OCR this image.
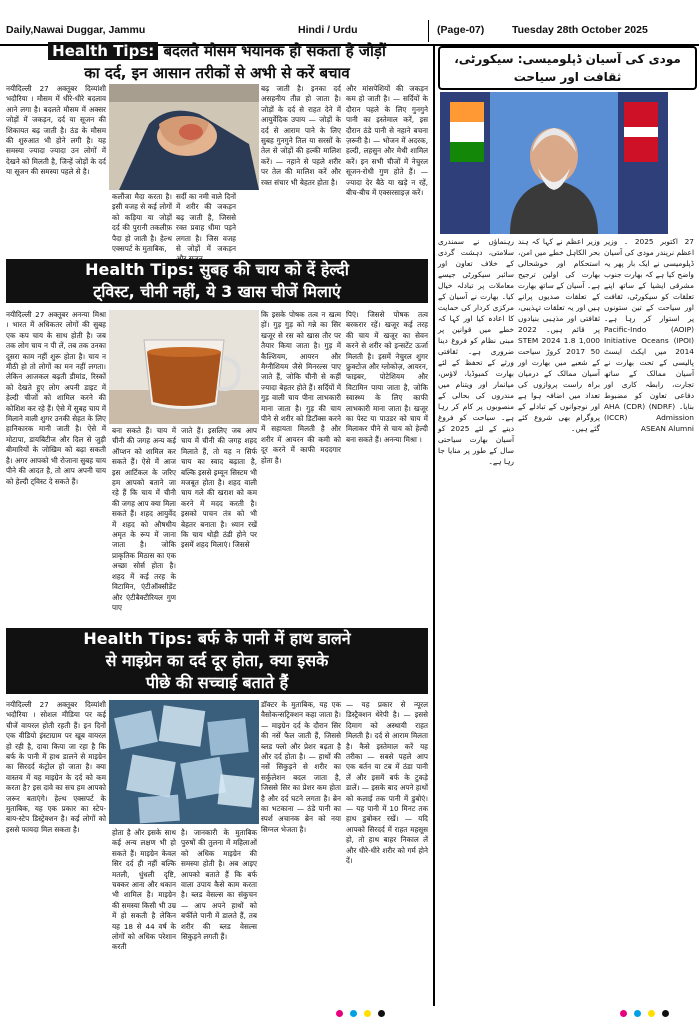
Daily,Nawai Duggar, Jammu	Hindi / Urdu	(Page-07)	Tuesday 28th October 2025
Health Tips: बदलते मौसम भयानक हो सकता है जोड़ों
का दर्द, इन आसान तरीकों से अभी से करें बचाव
नयीदिल्ली 27 अक्तूबर दिव्यांशी भदौरिया । मौसम में धीरे-धीरे बदलाव आने लगा है। बदलते मौसम में अक्सर जोड़ों में जकड़न, दर्द या सूजन की शिकायत बढ़ जाती है। ठंड के मौसम की शुरुआत भी होने लगी है। यह समस्या ज्यादा ज्यादा उन लोगों में देखने को मिलती है, जिन्हें जोड़ों के दर्द या सूजन की समस्या पहले से है।
कलौंजा मैदा करता है। इसी वजह से कई लोगों को कड़िया या जोड़ों दर्द की पुरानी तकलीफ़ पैदा हो जाती है। हेल्थ एक्सपर्ट के मुताबिक,
सर्दी का नमी वाले दिनों में शरीर की जकड़न बढ़ जाती है, जिससे रक्त प्रवाह धीमा पड़ने लगता है। जिस वजह से जोड़ों में जकड़न
बढ़ जाती है। इनका दर्द असहनीय तीव्र हो जाता है। जोड़ों के दर्द से राहत देने में आयुर्वेदिक उपाय — जोड़ों के दर्द से आराम पाने के लिए सुबह गुनगुने तिल या सरसों के तेल से जोड़ों की हल्की मालिश करें। — नहाने से पहले शरीर पर तेल की मालिश करें और रक्त संचार भी बेहतर होता है।
और मांसपेशियों की जकड़न कम हो जाती है। — सर्दियों के दौरान पहले के लिए गुनगुने पानी का इस्तेमाल करें, इस दौरान ठंडे पानी से नहाने बचना ज़रूरी है। — भोजन में अदरक, हल्दी, लहसुन और मेथी शामिल करें। इन सभी चीजों में नेचुरल सूजन-रोधी गुण होते हैं। — ज्यादा देर बैठे या खड़े न रहें, बीच-बीच में एक्सरसाइज़ करें।
Health Tips: सुबह की चाय को दें हेल्दी
ट्विस्ट, चीनी नहीं, ये 3 खास चीजें मिलाएं
नयीदिल्ली 27 अक्तूबर अनन्या मिश्रा । भारत में अधिकतर लोगों की सुबह एक कप चाय के साथ होती है। जब तक लोग चाय न पी लें, तब तक उनका दूसरा काम नहीं शुरू होता है। चाय न मीठी हो तो लोगों का मन नहीं लगता। लेकिन आजकल बढ़ती डीमांड, रिस्कों को देखते हुए लोग अपनी डाइट में हेल्दी चीजों को शामिल करने की कोशिश कर रहे हैं। ऐसे में सुबह चाय में मिलाने वाली शुगर उनकी सेहत के लिए हानिकारक मानी जाती है। ऐसे में मोटापा, डायबिटीज और दिल से जुड़ी बीमारियों के जोखिम को बढ़ा सकती है। अगर आपको भी रोजाना सुबह चाय पीने की आदत है, तो आप अपनी चाय को हेल्दी ट्विस्ट दे सकते हैं।
बना सकते हैं। चाय में चीनी की जगह अन्य कई ऑप्शन को शामिल कर सकते हैं। ऐसे में आज इस आर्टिकल के जरिए हम आपको बताने जा रहे हैं कि चाय में चीनी की जगह आप क्या मिला सकते हैं। शहद आयुर्वेद में शहद को औषधीय अमृत के रूप में जाना जाता है। जोकि प्राकृतिक मिठास का एक अच्छा सोर्स होता है। शहद में कई तरह के विटामिन, एंटीऑक्सीडेंट और एंटीबैक्टीरियल गुण पाए
जाते हैं। इसलिए जब आप चाय में चीनी की जगह शहद मिलाते हैं, तो यह न सिर्फ चाय का स्वाद बढ़ाता है, बल्कि इससे इम्यून सिस्टम भी मजबूत होता है। शहद वाली चाय गले की खराश को कम करने में मदद करती है। इसको पाचन तंत्र को भी बेहतर बनाता है। ध्यान रखें कि चाय थोड़ी ठंडी होने पर इसमें शहद मिलाएं। जिससे
कि इसके पोषक तत्व न खत्म हों। गुड़ गुड़ को गन्ने का सिर खजूर से रस को खास तौर पर तैयार किया जाता है। गुड़ में कैल्शियम, आयरन और मैग्नीशियम जैसे मिनरल्स पाए जाते हैं, जोकि चीनी से कहीं ज्यादा बेहतर होते हैं। सर्दियों में गुड़ वाली चाय पीना लाभकारी माना जाता है। गुड़ की चाय पीने से शरीर को डिटॉक्स करने में सहायता मिलती है और शरीर में आयरन की कमी को दूर करने में काफी मददगार होता है।
पिएं। जिससे पोषक तत्व बरकरार रहें। खजूर कई तरह की चाय में खजूर का सेवन करने से शरीर को इन्सटेंट ऊर्जा मिलती है। इसमें नेचुरल शुगर फ्रुक्टोज और ग्लोकोज़, आयरन, फाइबर, पोटेशियम और विटामिन पाया जाता है, जोकि स्वास्थ्य के लिए काफी लाभकारी माना जाता है। खजूर का पेस्ट या पाउडर को चाय में मिलाकर पीने से चाय को हेल्दी बना सकते हैं। अनन्या मिश्रा ।
Health Tips: बर्फ के पानी में हाथ डालने
से माइग्रेन का दर्द दूर होता, क्या इसके
पीछे की सच्चाई बताते हैं
नयीदिल्ली 27 अक्तूबर दिव्यांशी भदौरिया । सोशल मीडिया पर कई चीजें वायरल होती रहती हैं। इन दिनों एक वीडियो इंस्टाग्राम पर खूब वायरल हो रही है, दावा किया जा रहा है कि बर्फ के पानी में हाथ डालने से माइग्रेन का सिरदर्द कंट्रोल हो जाता है। क्या वास्तव में यह माइग्रेन के दर्द को कम करता है? इस दावे का सच हम आपको जरूर बताएंगे। हेल्थ एक्सपर्ट के मुताबिक, यह एक प्रकार का स्टेप-बाय-स्टेप डिस्ट्रेक्शन है। कई लोगों को इससे फायदा मिल सकता है।	होता है और इसके साथ कई अन्य लक्षण भी हो सकते हैं। माइग्रेन केवल सिर दर्द ही नहीं बल्कि मतली, धुंधली दृष्टि, चक्कर आना और थकान भी शामिल है। माइग्रेन की समस्या किसी भी उम्र में हो सकती है लेकिन यह 18 से 44 वर्ष के लोगों को अधिक परेशान करती
है। जानकारी के मुताबिक पुरुषों की तुलना में महिलाओं को अधिक माइग्रेन की समस्या होती है। अब आइए आपको बताते हैं कि बर्फ वाला उपाय कैसे काम करता है। ब्लड वेसल्स का संकुचन — आप अपने हाथों को बर्फीले पानी में डालते हैं, तब शरीर की ब्लड वेसल्स सिकुड़ने लगती हैं।
डॉक्टर के मुताबिक, यह एक वैसोकन्सट्रिक्शन कहा जाता है। — माइग्रेन दर्द के दौरान सिर की नसें फैल जाती हैं, जिससे ब्लड फ्लो और प्रेशर बढ़ता है और दर्द होता है। — हाथों की नसें सिकुड़ने से शरीर का सर्कुलेशन बदल जाता है, जिससे सिर का प्रेशर कम होता है और दर्द घटने लगता है। ब्रेन का भटकाना — ठंडे पानी का स्पर्श अचानक ब्रेन को नया सिग्नल भेजता है।
— यह प्रकार से न्यूरल डिस्ट्रैक्शन थेरेपी है। — इससे दिमाग को अस्थायी राहत मिलती है। दर्द से आराम मिलता है। कैसे इस्तेमाल करें यह तरीका — सबसे पहले आप एक बर्तन या टब में ठंडा पानी लें और इसमें बर्फ के टुकड़े डालें। — इसके बाद अपने हाथों को कलाई तक पानी में डुबोएं। — यह पानी में 10 मिनट तक हाथ डुबोकर रखें। — यदि आपको सिरदर्द में राहत महसूस हो, तो हाथ बाहर निकाल लें और धीरे-धीरे शरीर को गर्म होने दें।
مودی کی آسیان ڈپلومیسی: سیکورٹی، ثقافت اور سیاحت
27 اکتوبر 2025 ۔ وزیر اعظم نریندر مودی کی آسیان ڈپلومیسی نے ایک بار پھر یہ واضح کیا ہے کہ بھارت جنوب مشرقی ایشیا کے ساتھ اپنے تعلقات کو سیکورٹی، ثقافت اور سیاحت کے تین ستونوں پر استوار کر رہا ہے۔ Pacific-Indo (AOIP) Initiative Oceans (IPOI) 2014 میں ایکٹ ایسٹ پالیسی کے تحت بھارت نے آسیان ممالک کے ساتھ تجارت، رابطہ کاری اور دفاعی تعاون کو مضبوط بنایا۔ (NDRF) AHA (CDR) (ICCR) Admission ASEAN Alumni
وزیر اعظم نے کہا کہ ہند بحر الکاہل خطے میں امن، استحکام اور خوشحالی بھارت کی اولین ترجیح ہے۔ آسیان کے ساتھ بھارت کے تعلقات صدیوں پرانے ہیں اور یہ تعلقات تہذیبی، ثقافتی اور مذہبی بنیادوں پر قائم ہیں۔ 2022 STEM 2024 1.8 1,000 2017 50 کروڑ سیاحت کے شعبے میں بھارت اور آسیان ممالک کے درمیان براہ راست پروازوں کی تعداد میں اضافہ ہوا ہے اور نوجوانوں کے تبادلے کے پروگرام بھی شروع کئے گئے ہیں۔
رہنماؤں نے سمندری سلامتی، دہشت گردی کے خلاف تعاون اور سائبر سیکورٹی جیسے معاملات پر تبادلہ خیال کیا۔ بھارت نے آسیان کے مرکزی کردار کی حمایت کا اعادہ کیا اور کہا کہ خطے میں قوانین پر مبنی نظام کو فروغ دینا ضروری ہے۔ ثقافتی ورثے کے تحفظ کے لئے بھارت کمبوڈیا، لاؤس، میانمار اور ویتنام میں مندروں کی بحالی کے منصوبوں پر کام کر رہا ہے۔ سیاحت کو فروغ دینے کے لئے 2025 کو آسیان بھارت سیاحتی سال کے طور پر منایا جا رہا ہے۔
